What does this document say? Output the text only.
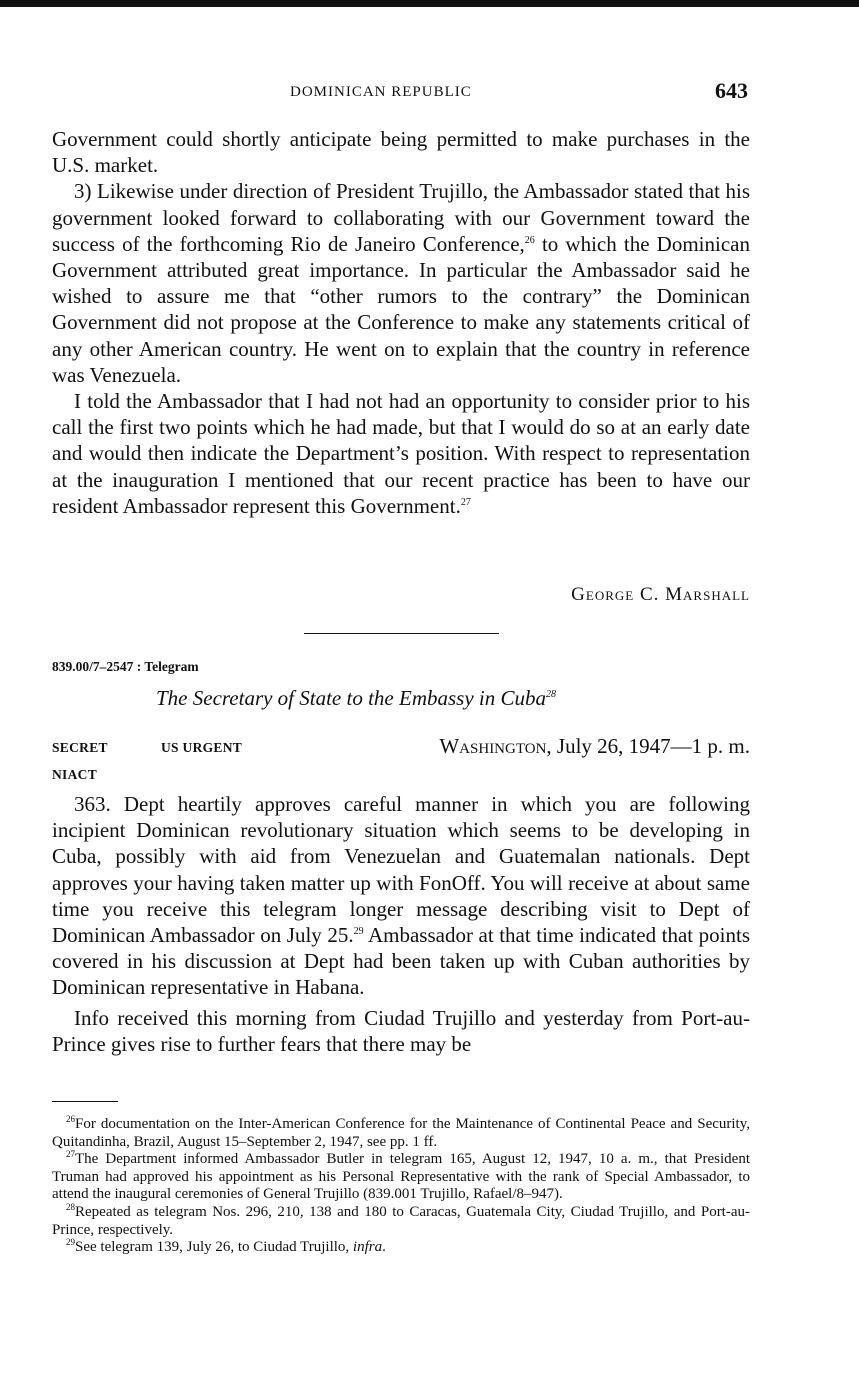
DOMINICAN REPUBLIC	643

Government could shortly anticipate being permitted to make purchases in the U.S. market.

3) Likewise under direction of President Trujillo, the Ambassador stated that his government looked forward to collaborating with our Government toward the success of the forthcoming Rio de Janeiro Conference,$^{26}$ to which the Dominican Government attributed great importance. In particular the Ambassador said he wished to assure me that “other rumors to the contrary” the Dominican Government did not propose at the Conference to make any statements critical of any other American country. He went on to explain that the country in reference was Venezuela.

I told the Ambassador that I had not had an opportunity to consider prior to his call the first two points which he had made, but that I would do so at an early date and would then indicate the Department’s position. With respect to representation at the inauguration I mentioned that our recent practice has been to have our resident Ambassador represent this Government.$^{27}$

George C. Marshall
839.00/7–2547 : Telegram
The Secretary of State to the Embassy in Cuba$^{28}$
SECRET	US URGENT
NIACT
Washington, July 26, 1947—1 p. m.

363. Dept heartily approves careful manner in which you are following incipient Dominican revolutionary situation which seems to be developing in Cuba, possibly with aid from Venezuelan and Guatemalan nationals. Dept approves your having taken matter up with FonOff. You will receive at about same time you receive this telegram longer message describing visit to Dept of Dominican Ambassador on July 25.29 Ambassador at that time indicated that points covered in his discussion at Dept had been taken up with Cuban authorities by Dominican representative in Habana.

Info received this morning from Ciudad Trujillo and yesterday from Port-au-Prince gives rise to further fears that there may be

$^{26}$For documentation on the Inter-American Conference for the Maintenance of Continental Peace and Security, Quitandinha, Brazil, August 15–September 2, 1947, see pp. 1 ff.

$^{27}$The Department informed Ambassador Butler in telegram 165, August 12, 1947, 10 a. m., that President Truman had approved his appointment as his Personal Representative with the rank of Special Ambassador, to attend the inaugural ceremonies of General Trujillo (839.001 Trujillo, Rafael/8–947).

$^{28}$Repeated as telegram Nos. 296, 210, 138 and 180 to Caracas, Guatemala City, Ciudad Trujillo, and Port-au-Prince, respectively.

$^{29}$See telegram 139, July 26, to Ciudad Trujillo, infra.
